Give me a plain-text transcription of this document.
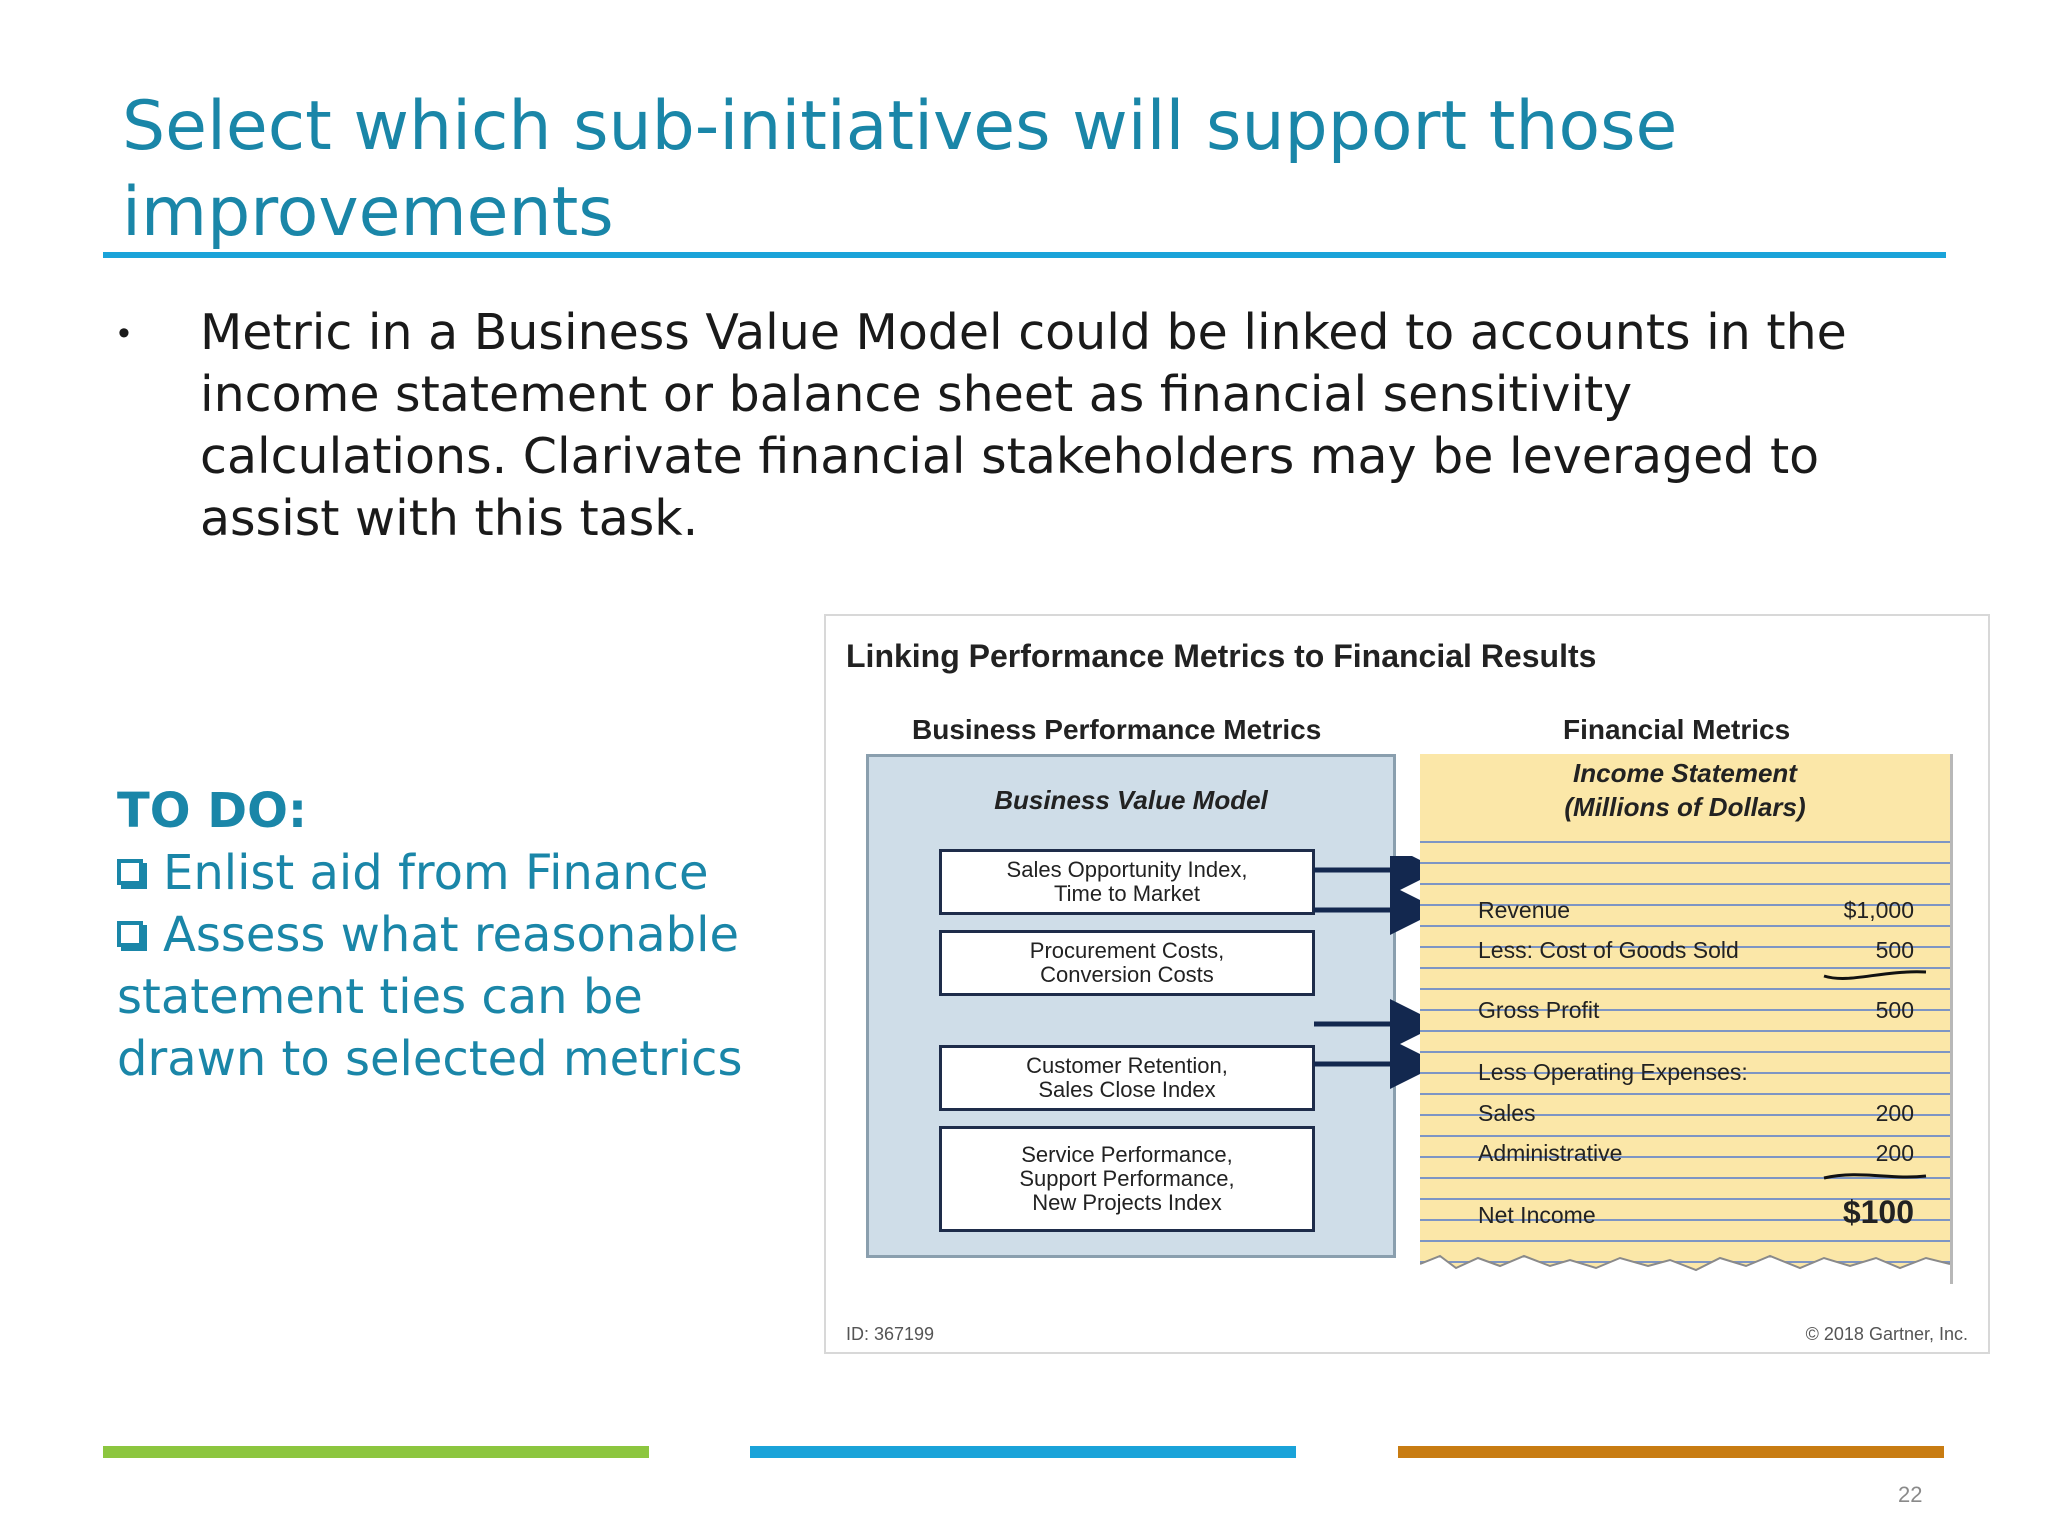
Select which sub-initiatives will support those improvements
• Metric in a Business Value Model could be linked to accounts in the income statement or balance sheet as financial sensitivity calculations. Clarivate financial stakeholders may be leveraged to assist with this task.
TO DO:
Enlist aid from Finance
Assess what reasonable statement ties can be drawn to selected metrics
Linking Performance Metrics to Financial Results
Business Performance Metrics	Financial Metrics
Business Value Model
Sales Opportunity Index,
Time to Market
Procurement Costs,
Conversion Costs
Customer Retention,
Sales Close Index
Service Performance,
Support Performance,
New Projects Index
Income Statement
(Millions of Dollars)
Revenue	$1,000
Less: Cost of Goods Sold	500
Gross Profit	500
Less Operating Expenses:
Sales	200
Administrative	200
Net Income	$100
ID: 367199	© 2018 Gartner, Inc.
22
